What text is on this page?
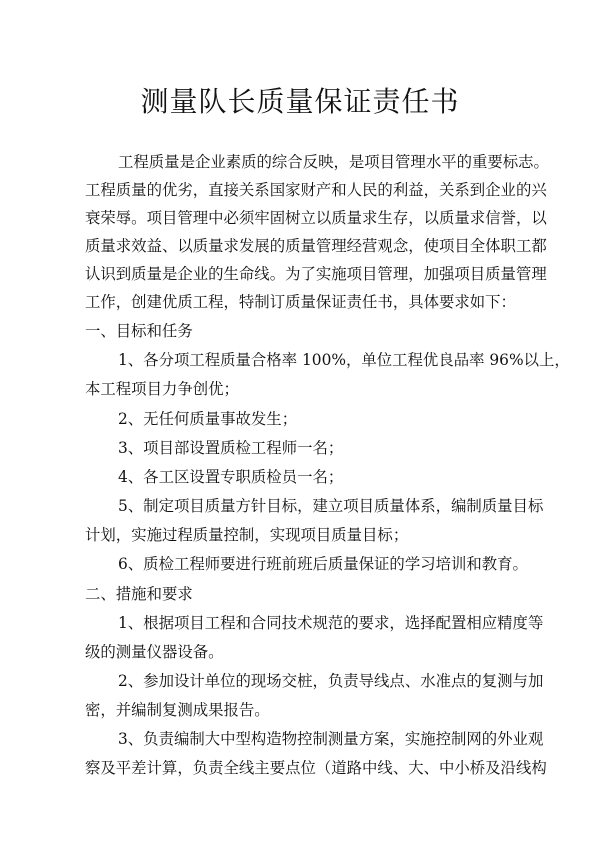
测量队长质量保证责任书

工程质量是企业素质的综合反映，是项目管理水平的重要标志。

工程质量的优劣，直接关系国家财产和人民的利益，关系到企业的兴

衰荣辱。项目管理中必须牢固树立以质量求生存，以质量求信誉，以

质量求效益、以质量求发展的质量管理经营观念，使项目全体职工都

认识到质量是企业的生命线。为了实施项目管理，加强项目质量管理

工作，创建优质工程，特制订质量保证责任书，具体要求如下：

一、目标和任务

1、各分项工程质量合格率 100%，单位工程优良品率 96%以上，

本工程项目力争创优；

2、无任何质量事故发生；

3、项目部设置质检工程师一名；

4、各工区设置专职质检员一名；

5、制定项目质量方针目标，建立项目质量体系，编制质量目标

计划，实施过程质量控制，实现项目质量目标；

6、质检工程师要进行班前班后质量保证的学习培训和教育。

二、措施和要求

1、根据项目工程和合同技术规范的要求，选择配置相应精度等

级的测量仪器设备。

2、参加设计单位的现场交桩，负责导线点、水准点的复测与加

密，并编制复测成果报告。

3、负责编制大中型构造物控制测量方案，实施控制网的外业观

察及平差计算，负责全线主要点位（道路中线、大、中小桥及沿线构
